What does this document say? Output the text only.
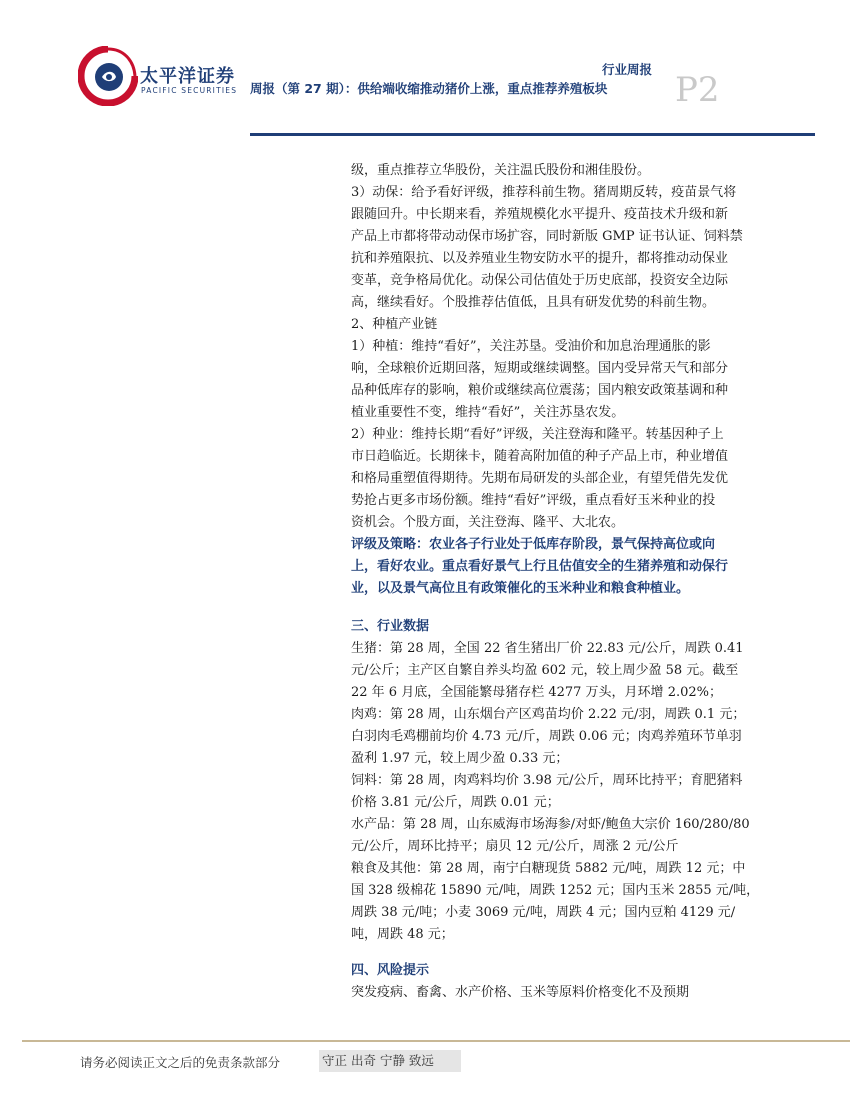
太平洋证券
PACIFIC SECURITIES
行业周报
周报（第 27 期）：供给端收缩推动猪价上涨，重点推荐养殖板块 P2
级，重点推荐立华股份，关注温氏股份和湘佳股份。
3）动保：给予看好评级，推荐科前生物。猪周期反转，疫苗景气将
跟随回升。中长期来看，养殖规模化水平提升、疫苗技术升级和新
产品上市都将带动动保市场扩容，同时新版 GMP 证书认证、饲料禁
抗和养殖限抗、以及养殖业生物安防水平的提升，都将推动动保业
变革，竞争格局优化。动保公司估值处于历史底部，投资安全边际
高，继续看好。个股推荐估值低，且具有研发优势的科前生物。
2、种植产业链
1）种植：维持“看好”，关注苏垦。受油价和加息治理通胀的影
响，全球粮价近期回落，短期或继续调整。国内受异常天气和部分
品种低库存的影响，粮价或继续高位震荡；国内粮安政策基调和种
植业重要性不变，维持“看好”，关注苏垦农发。
2）种业：维持长期“看好”评级，关注登海和隆平。转基因种子上
市日趋临近。长期徕卡，随着高附加值的种子产品上市，种业增值
和格局重塑值得期待。先期布局研发的头部企业，有望凭借先发优
势抢占更多市场份额。维持“看好”评级，重点看好玉米种业的投
资机会。个股方面，关注登海、隆平、大北农。
评级及策略：农业各子行业处于低库存阶段，景气保持高位或向
上，看好农业。重点看好景气上行且估值安全的生猪养殖和动保行
业，以及景气高位且有政策催化的玉米种业和粮食种植业。
三、行业数据
生猪：第 28 周，全国 22 省生猪出厂价 22.83 元/公斤，周跌 0.41
元/公斤；主产区自繁自养头均盈 602 元，较上周少盈 58 元。截至
22 年 6 月底，全国能繁母猪存栏 4277 万头，月环增 2.02%；
肉鸡：第 28 周，山东烟台产区鸡苗均价 2.22 元/羽，周跌 0.1 元；
白羽肉毛鸡棚前均价 4.73 元/斤，周跌 0.06 元；肉鸡养殖环节单羽
盈利 1.97 元，较上周少盈 0.33 元；
饲料：第 28 周，肉鸡料均价 3.98 元/公斤，周环比持平；育肥猪料
价格 3.81 元/公斤，周跌 0.01 元；
水产品：第 28 周，山东威海市场海参/对虾/鲍鱼大宗价 160/280/80
元/公斤，周环比持平；扇贝 12 元/公斤，周涨 2 元/公斤
粮食及其他：第 28 周，南宁白糖现货 5882 元/吨，周跌 12 元；中
国 328 级棉花 15890 元/吨，周跌 1252 元；国内玉米 2855 元/吨，
周跌 38 元/吨；小麦 3069 元/吨，周跌 4 元；国内豆粕 4129 元/
吨，周跌 48 元；
四、风险提示
突发疫病、畜禽、水产价格、玉米等原料价格变化不及预期
请务必阅读正文之后的免责条款部分	守正 出奇 宁静 致远
